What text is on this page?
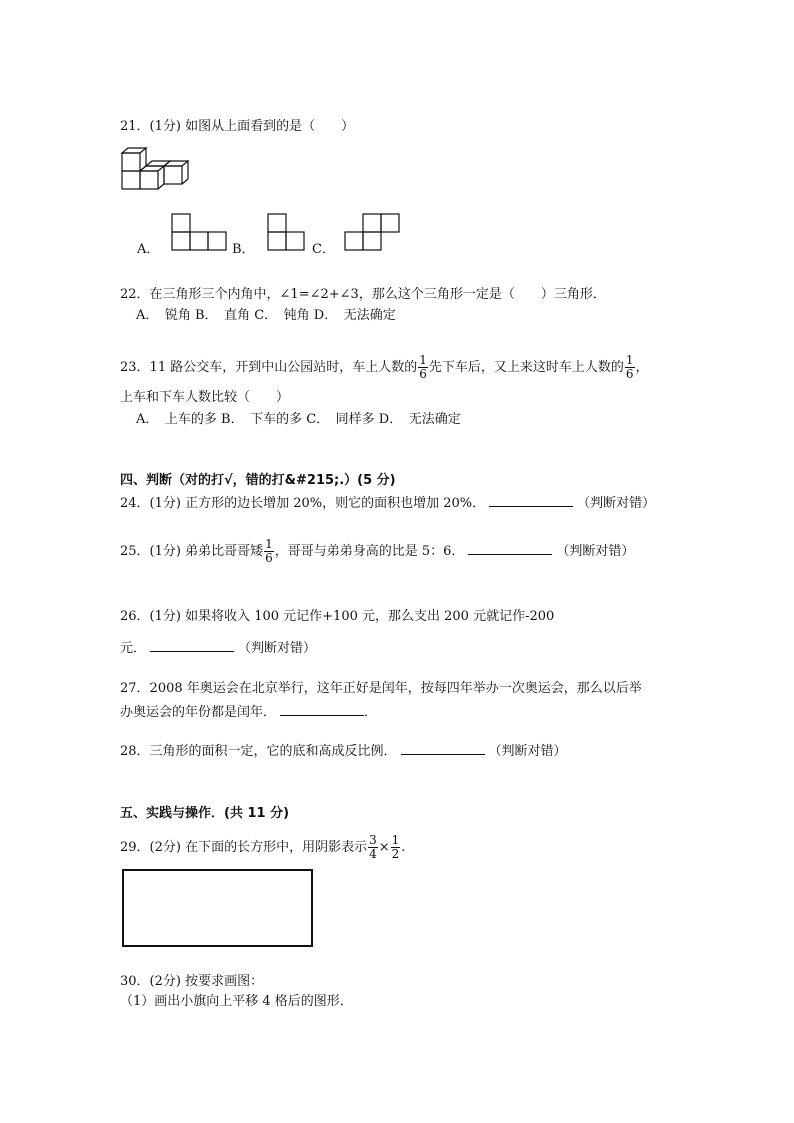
21．(1分) 如图从上面看到的是（　　）
A．	B．	C．
22．在三角形三个内角中，∠1=∠2+∠3，那么这个三角形一定是（　　）三角形．
A．　锐角 B．　直角 C．　钝角 D．　无法确定
23．11 路公交车，开到中山公园站时，车上人数的 $\frac{1}{6}$ 先下车后，又上来这时车上人数的 $\frac{1}{6}$ ，
上车和下车人数比较（　　）
A．　上车的多 B．　下车的多 C．　同样多 D．　无法确定
四、判断（对的打√，错的打&#215;.）(5 分)
24．(1分) 正方形的边长增加 20%，则它的面积也增加 20%．	（判断对错）
25．(1分) 弟弟比哥哥矮 $\frac{1}{6}$ ，哥哥与弟弟身高的比是 5：6．	（判断对错）
26．(1分) 如果将收入 100 元记作+100 元，那么支出 200 元就记作-200
元．	（判断对错）
27．2008 年奥运会在北京举行，这年正好是闰年，按每四年举办一次奥运会，那么以后举
办奥运会的年份都是闰年．	．
28．三角形的面积一定，它的底和高成反比例．	（判断对错）
五、实践与操作．(共 11 分)
29．(2分) 在下面的长方形中，用阴影表示 $\frac{3}{4} \times \frac{1}{2}$ .
30．(2分) 按要求画图：
（1）画出小旗向上平移 4 格后的图形．
